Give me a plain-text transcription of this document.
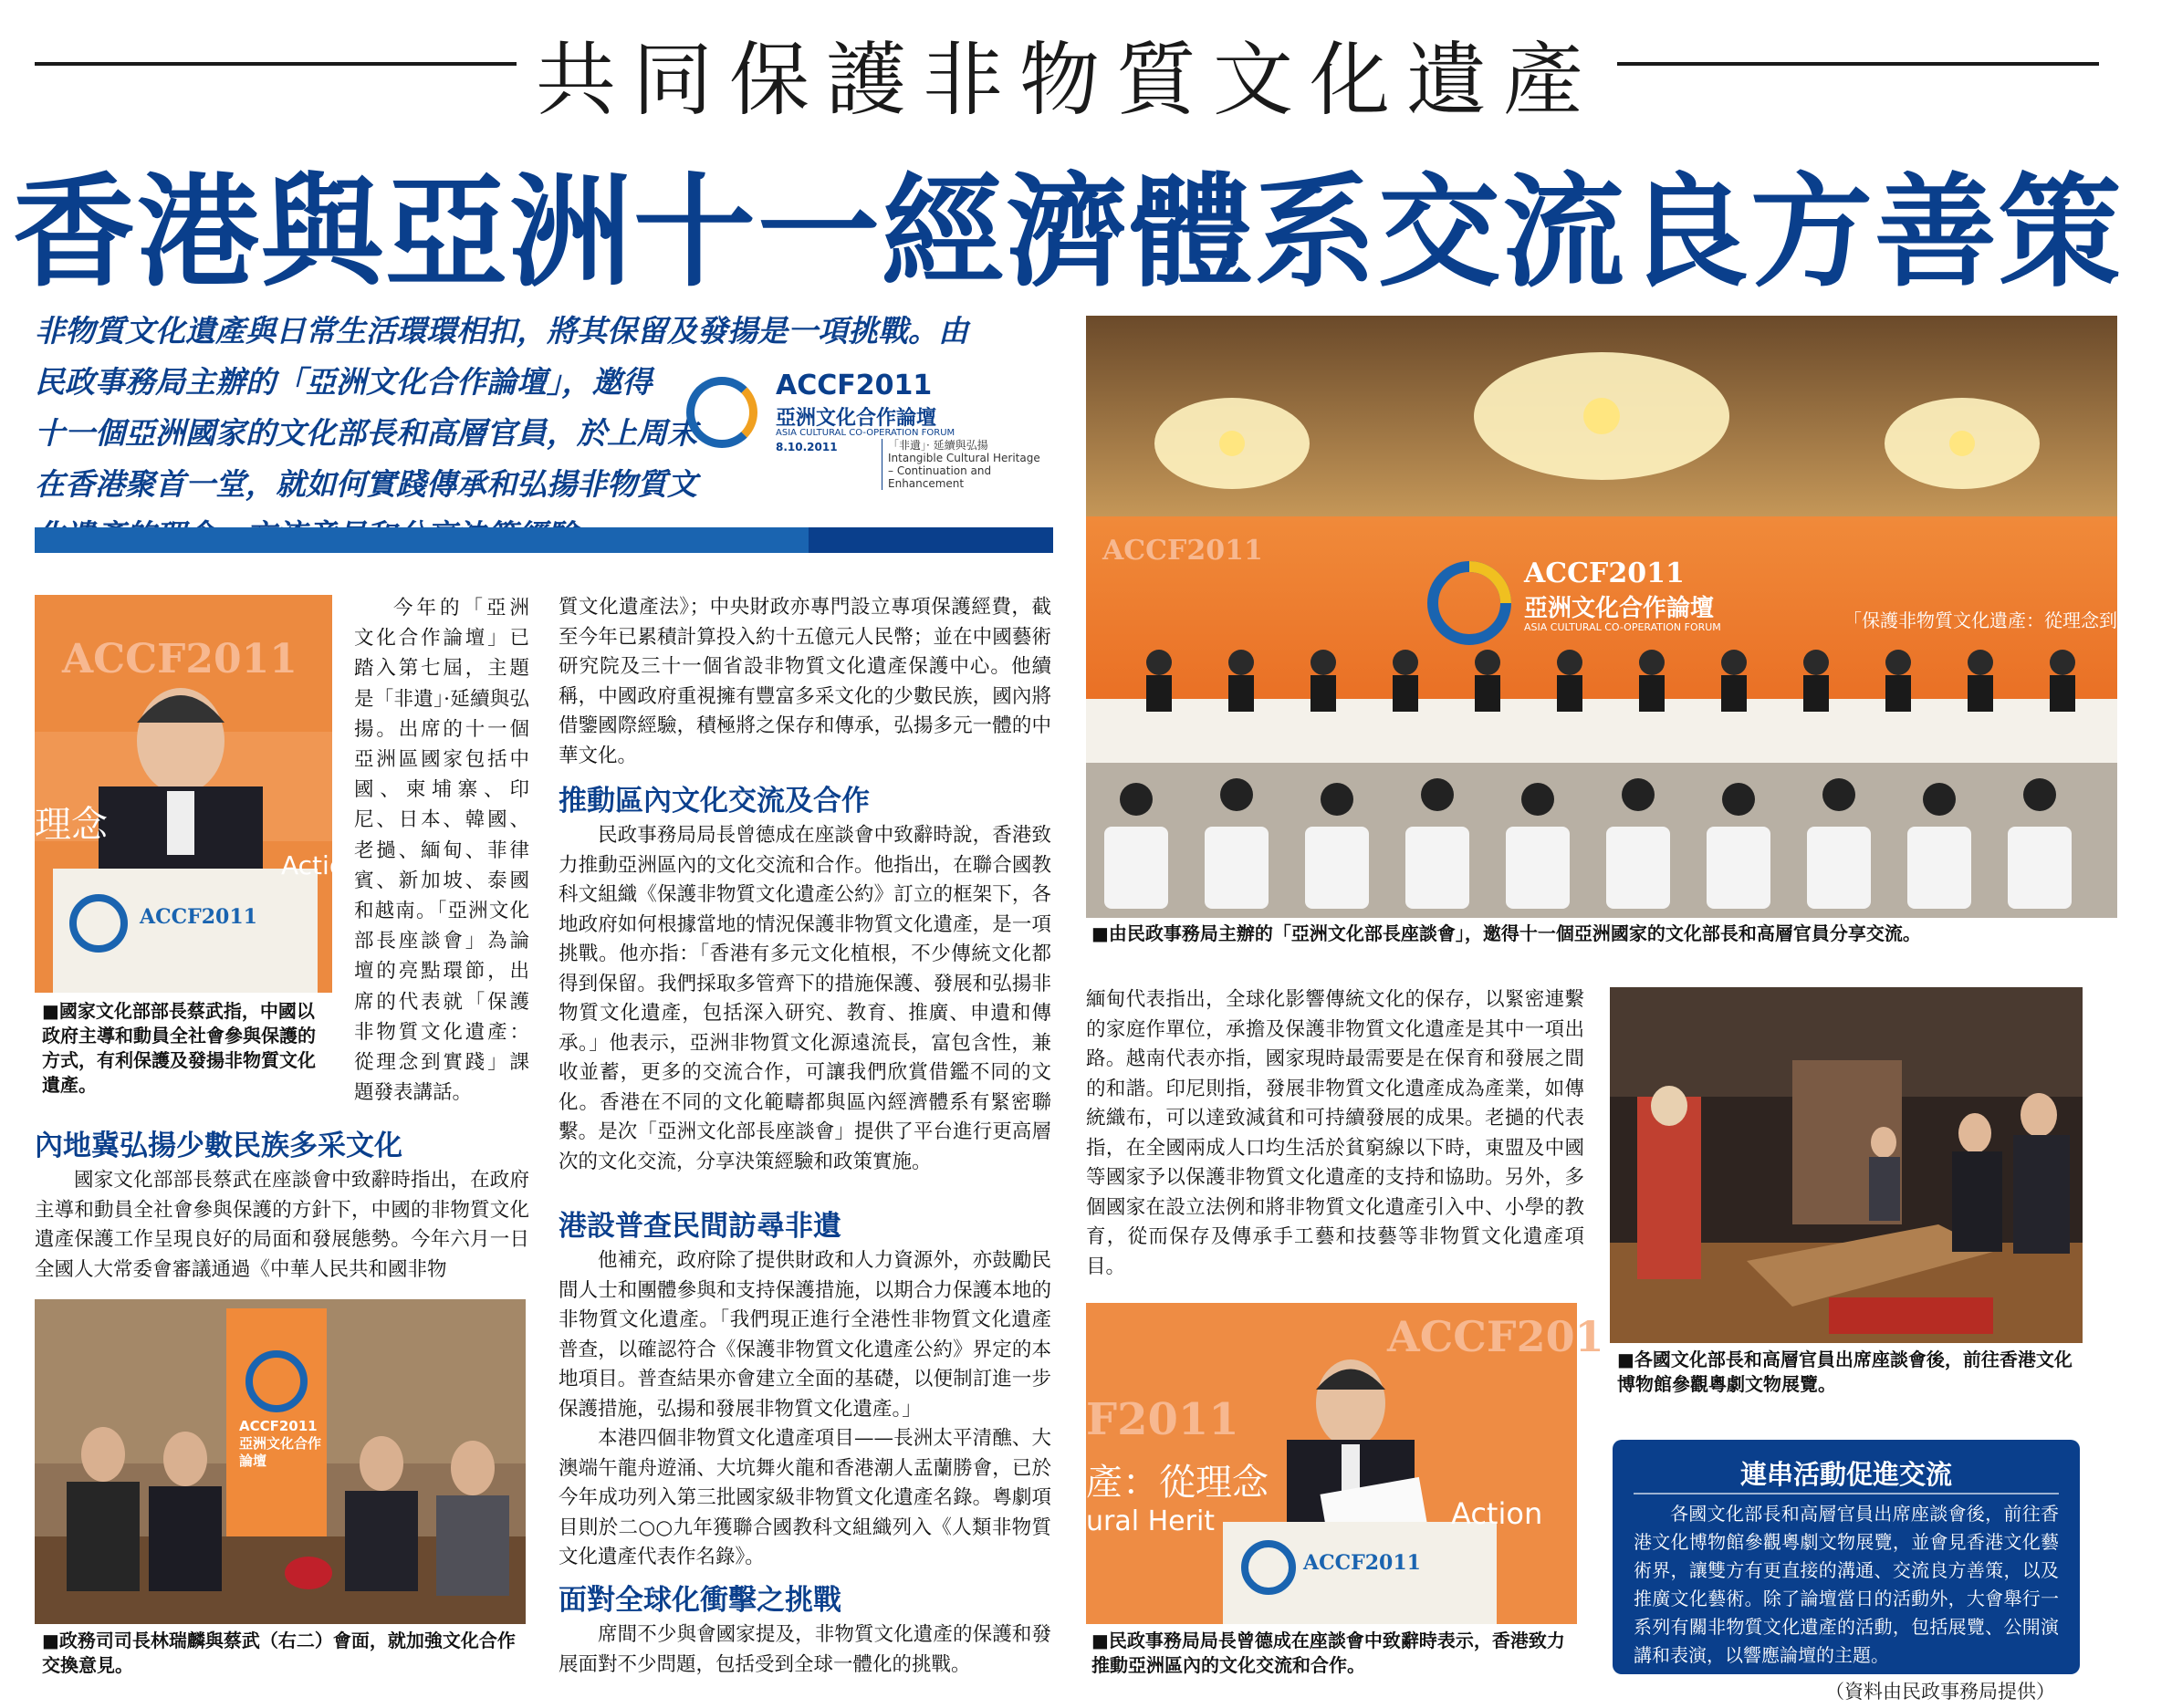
共同保護非物質文化遺產
香港與亞洲十一經濟體系交流良方善策
非物質文化遺產與日常生活環環相扣，將其保留及發揚是一項挑戰。由
民政事務局主辦的「亞洲文化合作論壇」，邀得
十一個亞洲國家的文化部長和高層官員，於上周末
在香港聚首一堂，就如何實踐傳承和弘揚非物質文
ACCF2011
亞洲文化合作論壇
ASIA CULTURAL CO-OPERATION FORUM
8.10.2011	「非遺」· 延續與弘揚
Intangible Cultural Heritage – Continuation and Enhancement
ACCF2011
ACCF2011
亞洲文化合作論壇
ASIA CULTURAL CO-OPERATION FORUM	「保護非物質文化遺產：從理念到實踐」
■由民政事務局主辦的「亞洲文化部長座談會」，邀得十一個亞洲國家的文化部長和高層官員分享交流。
ACCF2011
理念
Actio
ACCF2011
■國家文化部部長蔡武指，中國以政府主導和動員全社會參與保護的方式，有利保護及發揚非物質文化遺產。

今年的「亞洲文化合作論壇」已踏入第七屆，主題是「非遺」·延續與弘揚。出席的十一個亞洲區國家包括中國、柬埔寨、印尼、日本、韓國、老撾、緬甸、菲律賓、新加坡、泰國和越南。「亞洲文化部長座談會」為論壇的亮點環節，出席的代表就「保護非物質文化遺產：從理念到實踐」課題發表講話。

內地冀弘揚少數民族多采文化

國家文化部部長蔡武在座談會中致辭時指出，在政府主導和動員全社會參與保護的方針下，中國的非物質文化遺產保護工作呈現良好的局面和發展態勢。今年六月一日全國人大常委會審議通過《中華人民共和國非物

ACCF2011 亞洲文化合作論壇
■政務司司長林瑞麟與蔡武（右二）會面，就加強文化合作交換意見。

質文化遺產法》；中央財政亦專門設立專項保護經費，截至今年已累積計算投入約十五億元人民幣；並在中國藝術研究院及三十一個省設非物質文化遺產保護中心。他續稱，中國政府重視擁有豐富多采文化的少數民族，國內將借鑒國際經驗，積極將之保存和傳承，弘揚多元一體的中華文化。

推動區內文化交流及合作

民政事務局局長曾德成在座談會中致辭時說，香港致力推動亞洲區內的文化交流和合作。他指出，在聯合國教科文組織《保護非物質文化遺產公約》訂立的框架下，各地政府如何根據當地的情況保護非物質文化遺產，是一項挑戰。他亦指：「香港有多元文化植根，不少傳統文化都得到保留。我們採取多管齊下的措施保護、發展和弘揚非物質文化遺產，包括深入研究、教育、推廣、申遺和傳承。」他表示，亞洲非物質文化源遠流長，富包含性，兼收並蓄，更多的交流合作，可讓我們欣賞借鑑不同的文化。香港在不同的文化範疇都與區內經濟體系有緊密聯繫。是次「亞洲文化部長座談會」提供了平台進行更高層次的文化交流，分享決策經驗和政策實施。

港設普查民間訪尋非遺

他補充，政府除了提供財政和人力資源外，亦鼓勵民間人士和團體參與和支持保護措施，以期合力保護本地的非物質文化遺產。「我們現正進行全港性非物質文化遺產普查，以確認符合《保護非物質文化遺產公約》界定的本地項目。普查結果亦會建立全面的基礎，以便制訂進一步保護措施，弘揚和發展非物質文化遺產。」

本港四個非物質文化遺產項目——長洲太平清醮、大澳端午龍舟遊涌、大坑舞火龍和香港潮人盂蘭勝會，已於今年成功列入第三批國家級非物質文化遺產名錄。粵劇項目則於二○○九年獲聯合國教科文組織列入《人類非物質文化遺產代表作名錄》。

面對全球化衝擊之挑戰

席間不少與會國家提及，非物質文化遺產的保護和發展面對不少問題，包括受到全球一體化的挑戰。

緬甸代表指出，全球化影響傳統文化的保存，以緊密連繫的家庭作單位，承擔及保護非物質文化遺產是其中一項出路。越南代表亦指，國家現時最需要是在保育和發展之間的和諧。印尼則指，發展非物質文化遺產成為產業，如傳統織布，可以達致減貧和可持續發展的成果。老撾的代表指，在全國兩成人口均生活於貧窮線以下時，東盟及中國等國家予以保護非物質文化遺產的支持和協助。另外，多個國家在設立法例和將非物質文化遺產引入中、小學的教育，從而保存及傳承手工藝和技藝等非物質文化遺產項目。

ACCF201
F2011
產：從理念
ural Herit	Action
ACCF2011
■民政事務局局長曾德成在座談會中致辭時表示，香港致力推動亞洲區內的文化交流和合作。
■各國文化部長和高層官員出席座談會後，前往香港文化博物館參觀粵劇文物展覽。
連串活動促進交流

各國文化部長和高層官員出席座談會後，前往香港文化博物館參觀粵劇文物展覽，並會見香港文化藝術界，讓雙方有更直接的溝通、交流良方善策，以及推廣文化藝術。除了論壇當日的活動外，大會舉行一系列有關非物質文化遺產的活動，包括展覽、公開演講和表演，以響應論壇的主題。

（資料由民政事務局提供）
